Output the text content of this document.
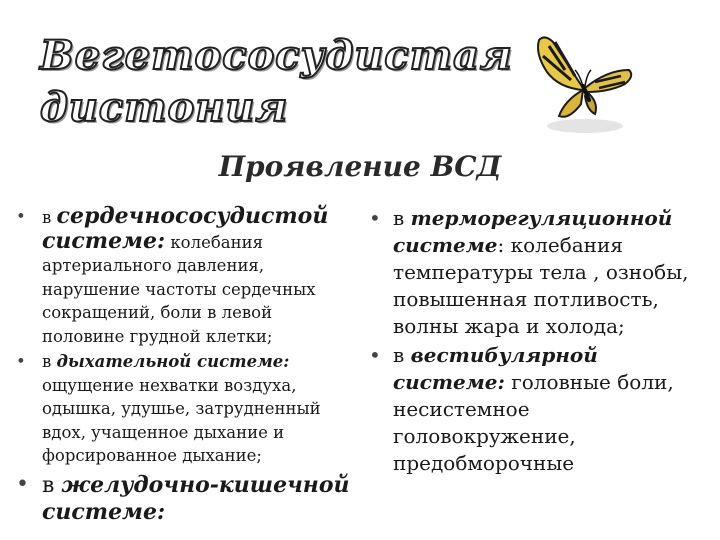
Вегетососудистая
дистония
Проявление ВСД
• в сердечнососудистой системе: колебания артериального давления, нарушение частоты сердечных сокращений, боли в левой половине грудной клетки;
• в дыхательной системе: ощущение нехватки воздуха, одышка, удушье, затрудненный вдох, учащенное дыхание и форсированное дыхание;
• в желудочно-кишечной системе:
• в терморегуляционной системе: колебания температуры тела , ознобы, повышенная потливость, волны жара и холода;
• в вестибулярной системе: головные боли, несистемное головокружение, предобморочные
